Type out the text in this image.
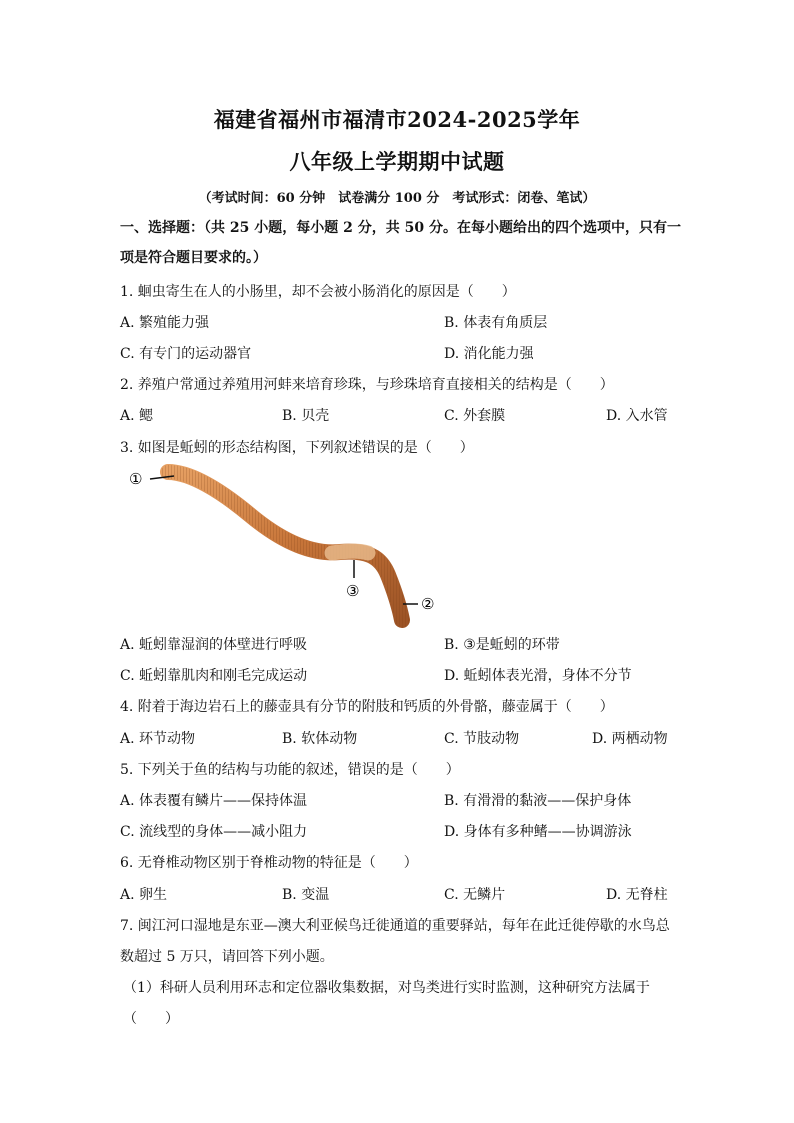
福建省福州市福清市2024-2025学年
八年级上学期期中试题
（考试时间：60 分钟　试卷满分 100 分　考试形式：闭卷、笔试）
一、选择题：（共 25 小题，每小题 2 分，共 50 分。在每小题给出的四个选项中，只有一
项是符合题目要求的。）
1. 蛔虫寄生在人的小肠里，却不会被小肠消化的原因是（　　）
A. 繁殖能力强	B. 体表有角质层
C. 有专门的运动器官	D. 消化能力强
2. 养殖户常通过养殖用河蚌来培育珍珠，与珍珠培育直接相关的结构是（　　）
A. 鳃	B. 贝壳	C. 外套膜	D. 入水管
3. 如图是蚯蚓的形态结构图，下列叙述错误的是（　　）
①
③
②
A. 蚯蚓靠湿润的体壁进行呼吸	B. ③是蚯蚓的环带
C. 蚯蚓靠肌肉和刚毛完成运动	D. 蚯蚓体表光滑，身体不分节
4. 附着于海边岩石上的藤壶具有分节的附肢和钙质的外骨骼，藤壶属于（　　）
A. 环节动物	B. 软体动物	C. 节肢动物	D. 两栖动物
5. 下列关于鱼的结构与功能的叙述，错误的是（　　）
A. 体表覆有鳞片——保持体温	B. 有滑滑的黏液——保护身体
C. 流线型的身体——减小阻力	D. 身体有多种鳍——协调游泳
6. 无脊椎动物区别于脊椎动物的特征是（　　）
A. 卵生	B. 变温	C. 无鳞片	D. 无脊柱
7. 闽江河口湿地是东亚—澳大利亚候鸟迁徙通道的重要驿站，每年在此迁徙停歇的水鸟总
数超过 5 万只，请回答下列小题。
（1）科研人员利用环志和定位器收集数据，对鸟类进行实时监测，这种研究方法属于
（　　）
